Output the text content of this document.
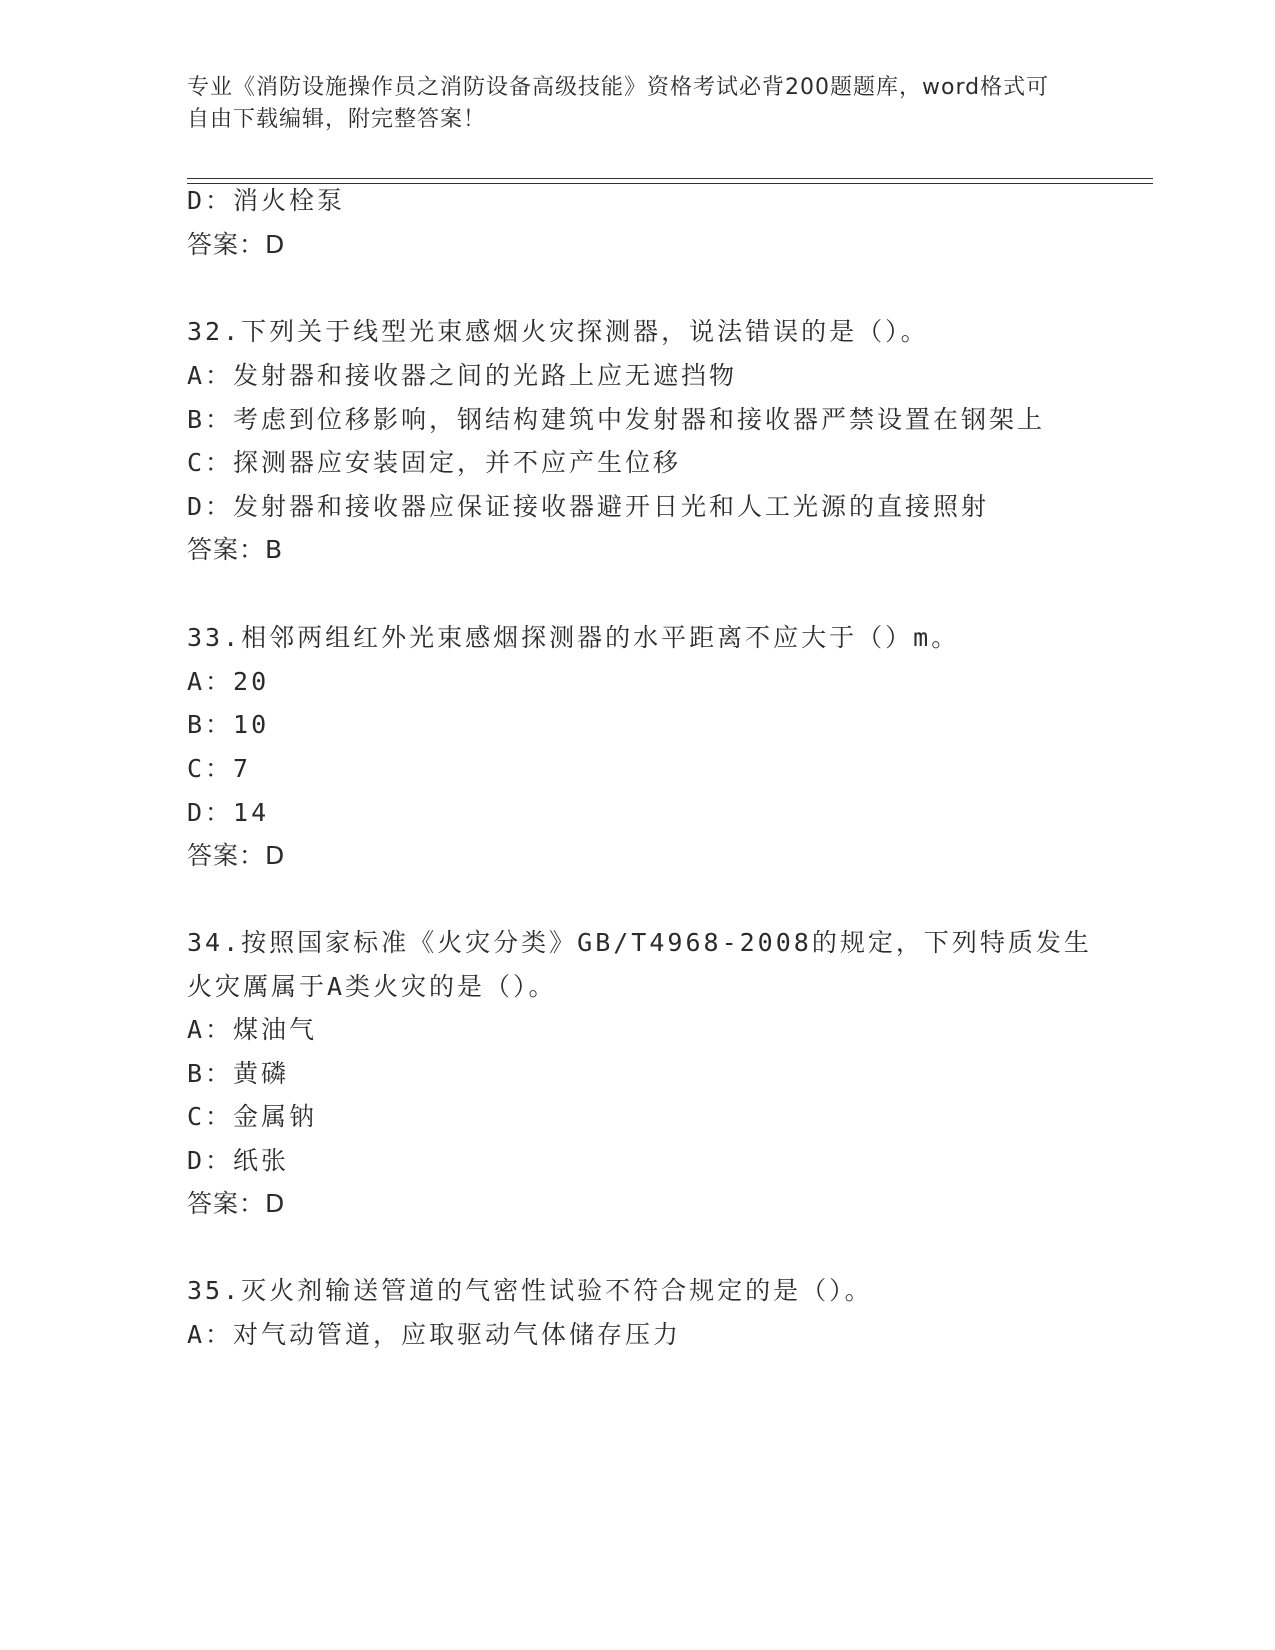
专业《消防设施操作员之消防设备高级技能》资格考试必背200题题库，word格式可自由下载编辑，附完整答案！
D：消火栓泵
答案：D
32.下列关于线型光束感烟火灾探测器，说法错误的是（）。
A：发射器和接收器之间的光路上应无遮挡物
B：考虑到位移影响，钢结构建筑中发射器和接收器严禁设置在钢架上
C：探测器应安装固定，并不应产生位移
D：发射器和接收器应保证接收器避开日光和人工光源的直接照射
答案：B
33.相邻两组红外光束感烟探测器的水平距离不应大于（）m。
A：20
B：10
C：7
D：14
答案：D
34.按照国家标准《火灾分类》GB/T4968-2008的规定，下列特质发生
火灾厲属于A类火灾的是（）。
A：煤油气
B：黄磷
C：金属钠
D：纸张
答案：D
35.灭火剂输送管道的气密性试验不符合规定的是（）。
A：对气动管道，应取驱动气体储存压力
